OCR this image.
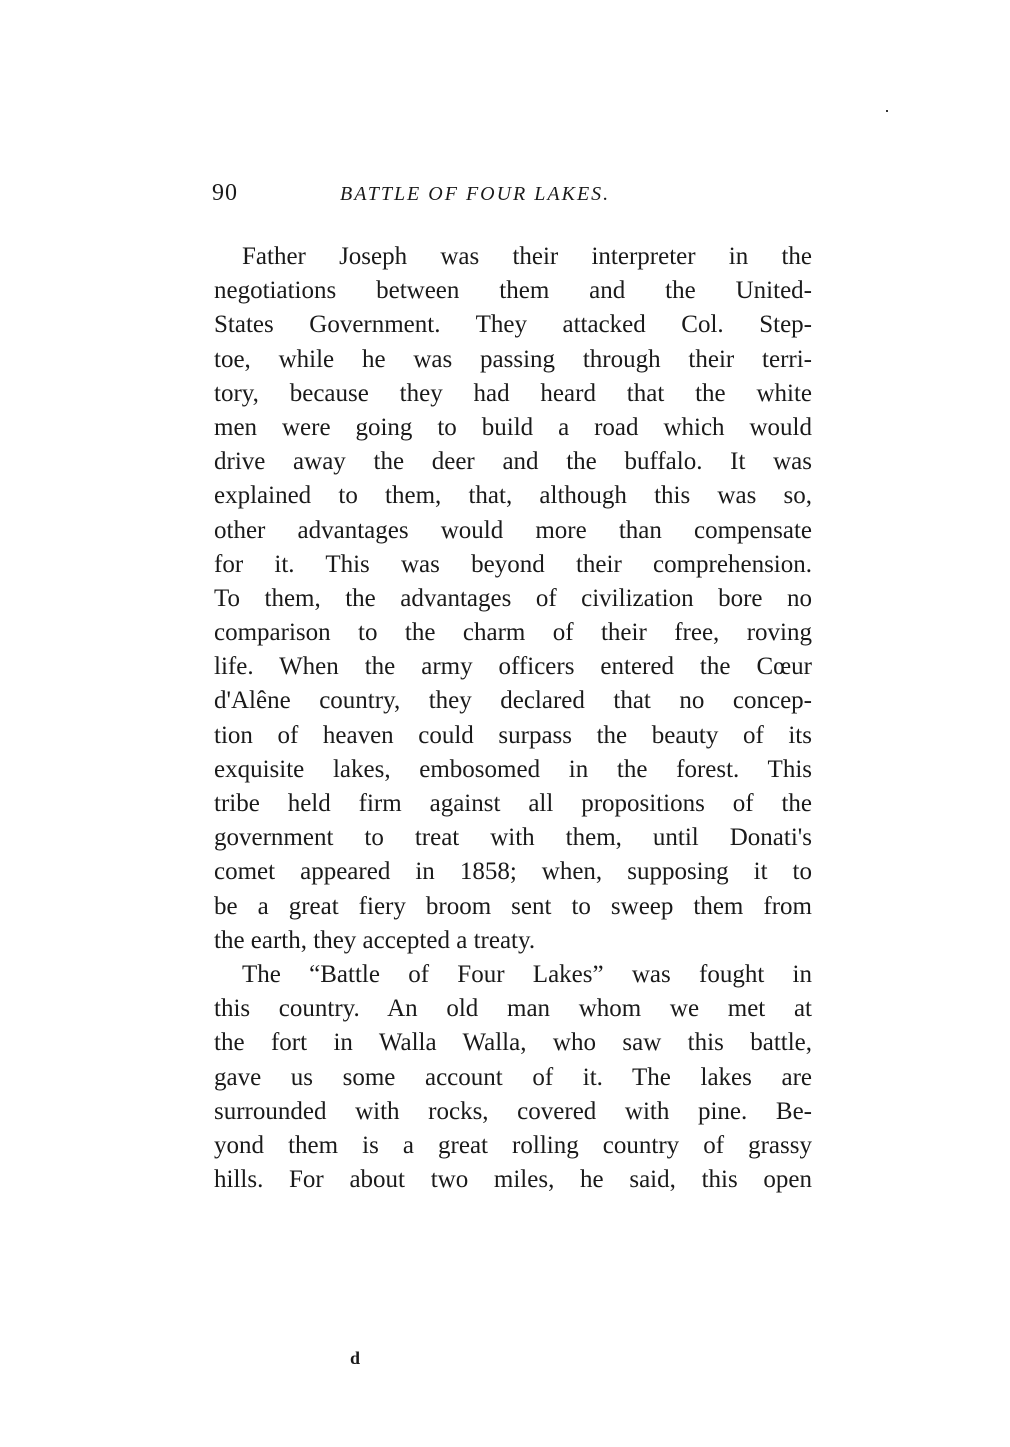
90	BATTLE OF FOUR LAKES.
Father Joseph was their interpreter in the
negotiations between them and the United-
States Government. They attacked Col. Step-
toe, while he was passing through their terri-
tory, because they had heard that the white
men were going to build a road which would
drive away the deer and the buffalo. It was
explained to them, that, although this was so,
other advantages would more than compensate
for it. This was beyond their comprehension.
To them, the advantages of civilization bore no
comparison to the charm of their free, roving
life. When the army officers entered the Cœur
d'Alêne country, they declared that no concep-
tion of heaven could surpass the beauty of its
exquisite lakes, embosomed in the forest. This
tribe held firm against all propositions of the
government to treat with them, until Donati's
comet appeared in 1858; when, supposing it to
be a great fiery broom sent to sweep them from
the earth, they accepted a treaty.
The “Battle of Four Lakes” was fought in
this country. An old man whom we met at
the fort in Walla Walla, who saw this battle,
gave us some account of it. The lakes are
surrounded with rocks, covered with pine. Be-
yond them is a great rolling country of grassy
hills. For about two miles, he said, this open
d
